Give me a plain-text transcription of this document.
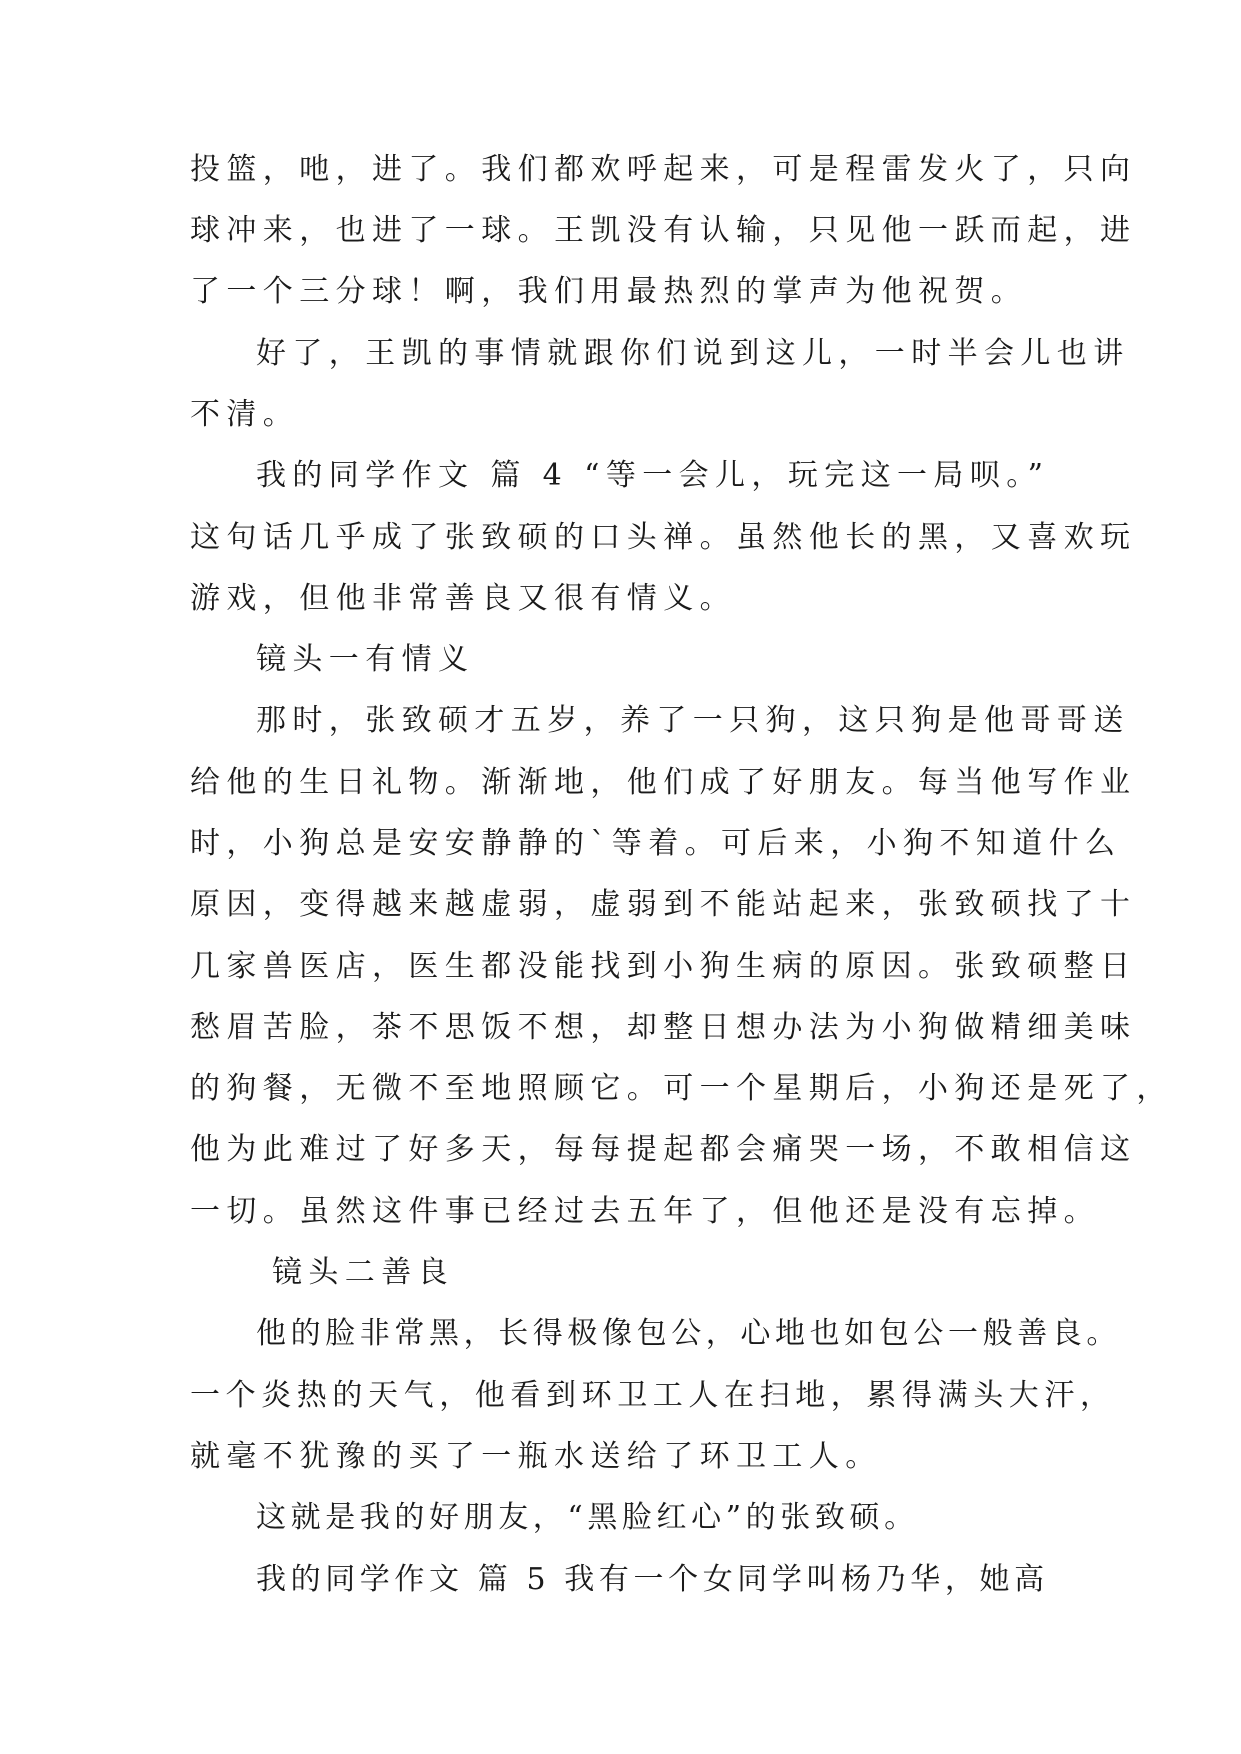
投篮，吔，进了。我们都欢呼起来，可是程雷发火了，只向
球冲来，也进了一球。王凯没有认输，只见他一跃而起，进
了一个三分球！啊，我们用最热烈的掌声为他祝贺。
好了，王凯的事情就跟你们说到这儿，一时半会儿也讲
不清。
我的同学作文 篇 4 “等一会儿，玩完这一局呗。”
这句话几乎成了张致硕的口头禅。虽然他长的黑，又喜欢玩
游戏，但他非常善良又很有情义。
镜头一有情义
那时，张致硕才五岁，养了一只狗，这只狗是他哥哥送
给他的生日礼物。渐渐地，他们成了好朋友。每当他写作业
时，小狗总是安安静静的`等着。可后来，小狗不知道什么
原因，变得越来越虚弱，虚弱到不能站起来，张致硕找了十
几家兽医店，医生都没能找到小狗生病的原因。张致硕整日
愁眉苦脸，茶不思饭不想，却整日想办法为小狗做精细美味
的狗餐，无微不至地照顾它。可一个星期后，小狗还是死了，
他为此难过了好多天，每每提起都会痛哭一场，不敢相信这
一切。虽然这件事已经过去五年了，但他还是没有忘掉。
镜头二善良
他的脸非常黑，长得极像包公，心地也如包公一般善良。
一个炎热的天气，他看到环卫工人在扫地，累得满头大汗，
就毫不犹豫的买了一瓶水送给了环卫工人。
这就是我的好朋友，“黑脸红心”的张致硕。
我的同学作文 篇 5 我有一个女同学叫杨乃华，她高
